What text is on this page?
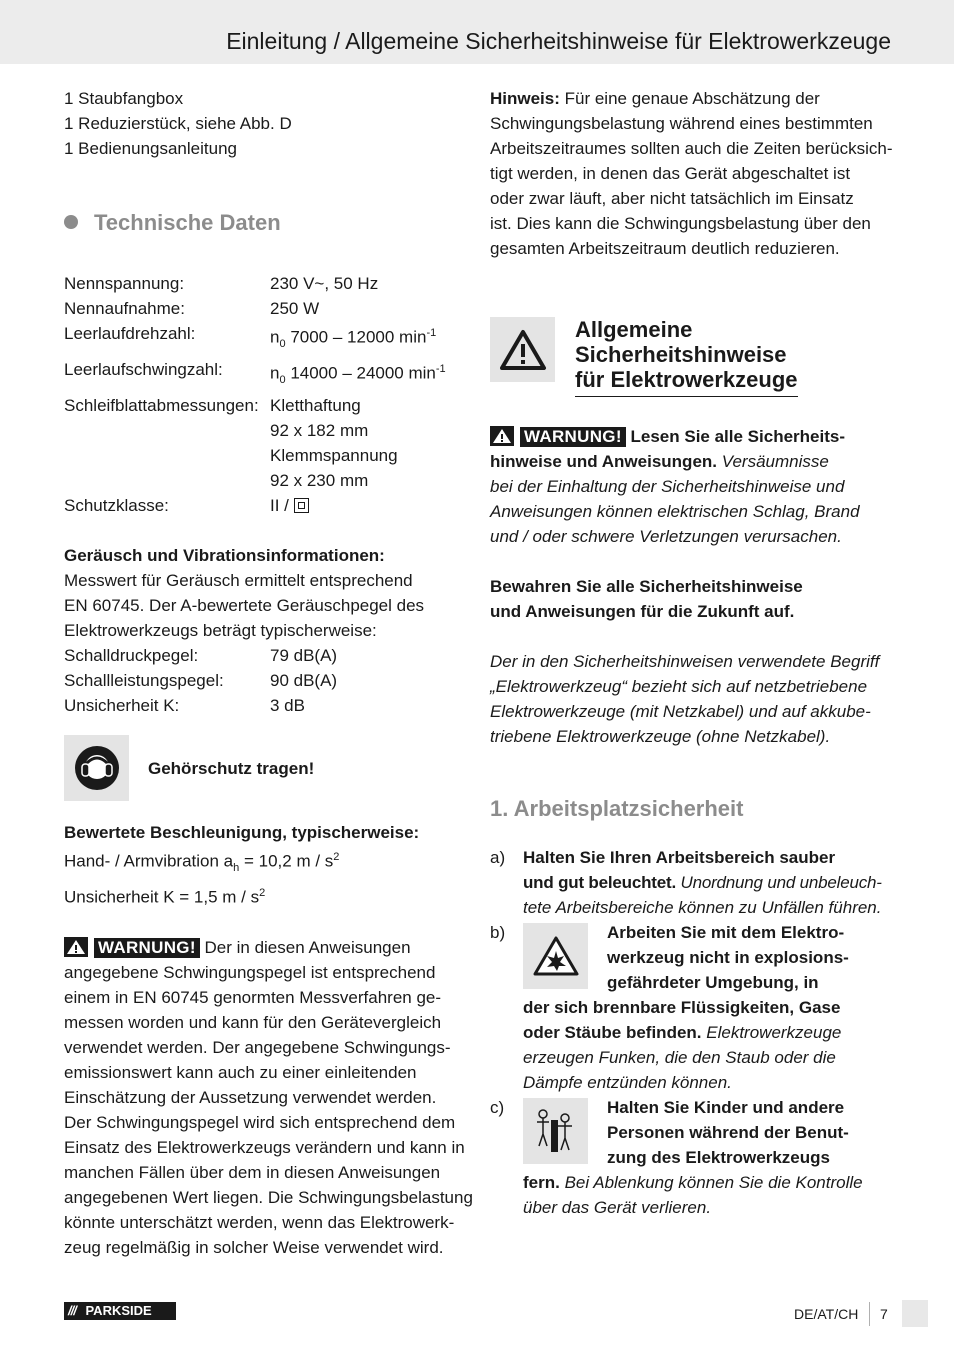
Einleitung / Allgemeine Sicherheitshinweise für Elektrowerkzeuge
1 Staubfangbox
1 Reduzierstück, siehe Abb. D
1 Bedienungsanleitung
Technische Daten
Nennspannung:	230 V~, 50 Hz
Nennaufnahme:	250 W
Leerlaufdrehzahl:	$n_0$ 7000 – 12000 $\min^{-1}$
Leerlaufschwingzahl:	$n_0$ 14000 – 24000 $\min^{-1}$
Schleifblattabmessungen: Kletthaftung
92 x 182 mm
Klemmspannung
92 x 230 mm
Schutzklasse:	II /
Geräusch und Vibrationsinformationen:
Messwert für Geräusch ermittelt entsprechend
EN 60745. Der A-bewertete Geräuschpegel des
Elektrowerkzeugs beträgt typischerweise:
Schalldruckpegel:	79 dB(A)
Schallleistungspegel:	90 dB(A)
Unsicherheit K:	3 dB
Gehörschutz tragen!
Bewertete Beschleunigung, typischerweise:
Hand- / Armvibration $a_h = 10,2$ m / $s^2$
Unsicherheit K = 1,5 m / $s^2$
WARNUNG! Der in diesen Anweisungen
angegebene Schwingungspegel ist entsprechend
einem in EN 60745 genormten Messverfahren ge-
messen worden und kann für den Gerätevergleich
verwendet werden. Der angegebene Schwingungs-
emissionswert kann auch zu einer einleitenden
Einschätzung der Aussetzung verwendet werden.
Der Schwingungspegel wird sich entsprechend dem
Einsatz des Elektrowerkzeugs verändern und kann in
manchen Fällen über dem in diesen Anweisungen
angegebenen Wert liegen. Die Schwingungsbelastung
könnte unterschätzt werden, wenn das Elektrowerk-
zeug regelmäßig in solcher Weise verwendet wird.
Hinweis: Für eine genaue Abschätzung der
Schwingungsbelastung während eines bestimmten
Arbeitszeitraumes sollten auch die Zeiten berücksich-
tigt werden, in denen das Gerät abgeschaltet ist
oder zwar läuft, aber nicht tatsächlich im Einsatz
ist. Dies kann die Schwingungsbelastung über den
gesamten Arbeitszeitraum deutlich reduzieren.
Allgemeine
Sicherheitshinweise
für Elektrowerkzeuge
WARNUNG! Lesen Sie alle Sicherheits-
hinweise und Anweisungen. Versäumnisse
bei der Einhaltung der Sicherheitshinweise und
Anweisungen können elektrischen Schlag, Brand
und / oder schwere Verletzungen verursachen.
Bewahren Sie alle Sicherheitshinweise
und Anweisungen für die Zukunft auf.
Der in den Sicherheitshinweisen verwendete Begriff
„Elektrowerkzeug“ bezieht sich auf netzbetriebene
Elektrowerkzeuge (mit Netzkabel) und auf akkube-
triebene Elektrowerkzeuge (ohne Netzkabel).
1. Arbeitsplatzsicherheit
a)	Halten Sie Ihren Arbeitsbereich sauber
und gut beleuchtet. Unordnung und unbeleuch-
tete Arbeitsbereiche können zu Unfällen führen.
b)	Arbeiten Sie mit dem Elektro-
werkzeug nicht in explosions-
gefährdeter Umgebung, in
der sich brennbare Flüssigkeiten, Gase
oder Stäube befinden. Elektrowerkzeuge
erzeugen Funken, die den Staub oder die
Dämpfe entzünden können.
c)	Halten Sie Kinder und andere
Personen während der Benut-
zung des Elektrowerkzeugs
fern. Bei Ablenkung können Sie die Kontrolle
über das Gerät verlieren.
/// PARKSIDE	DE/AT/CH 7
